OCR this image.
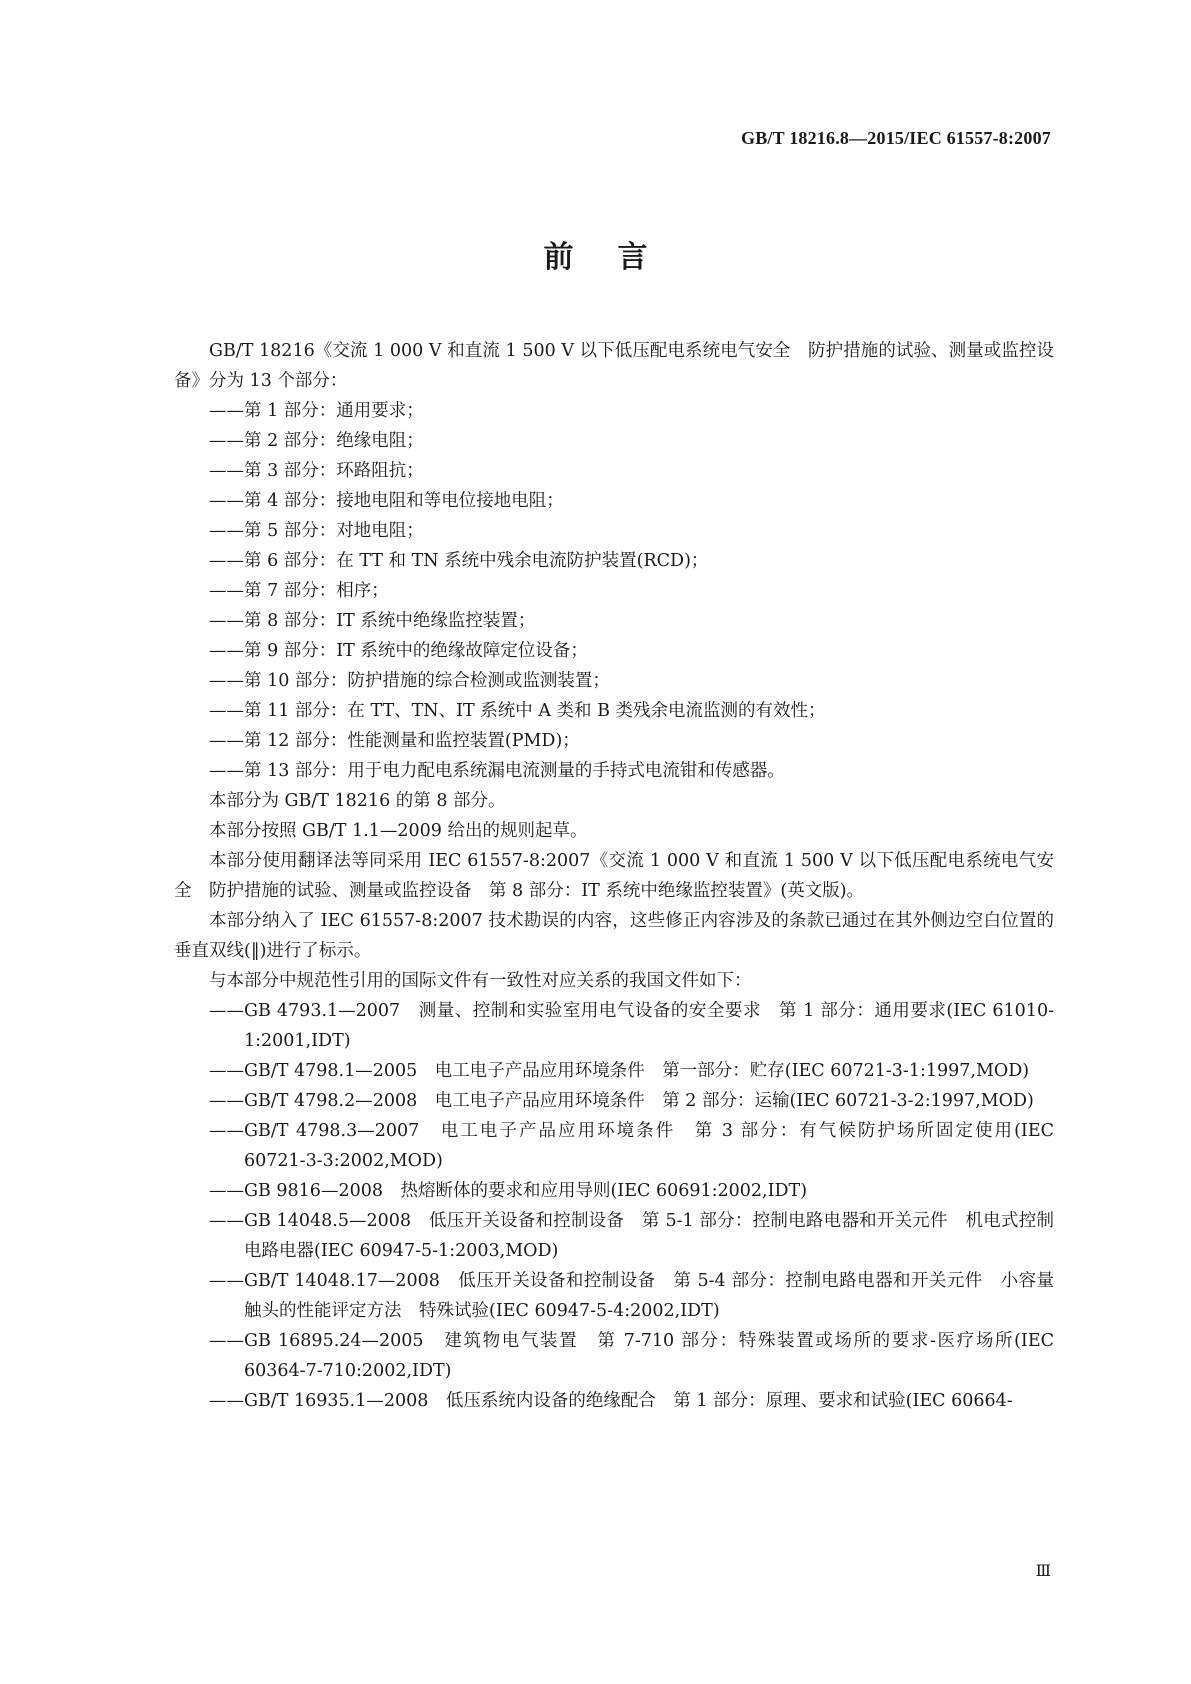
GB/T 18216.8—2015/IEC 61557-8:2007
前言

GB/T 18216《交流 1 000 V 和直流 1 500 V 以下低压配电系统电气安全　防护措施的试验、测量或监控设备》分为 13 个部分：

——第 1 部分：通用要求；

——第 2 部分：绝缘电阻；

——第 3 部分：环路阻抗；

——第 4 部分：接地电阻和等电位接地电阻；

——第 5 部分：对地电阻；

——第 6 部分：在 TT 和 TN 系统中残余电流防护装置(RCD)；

——第 7 部分：相序；

——第 8 部分：IT 系统中绝缘监控装置；

——第 9 部分：IT 系统中的绝缘故障定位设备；

——第 10 部分：防护措施的综合检测或监测装置；

——第 11 部分：在 TT、TN、IT 系统中 A 类和 B 类残余电流监测的有效性；

——第 12 部分：性能测量和监控装置(PMD)；

——第 13 部分：用于电力配电系统漏电流测量的手持式电流钳和传感器。

本部分为 GB/T 18216 的第 8 部分。

本部分按照 GB/T 1.1—2009 给出的规则起草。

本部分使用翻译法等同采用 IEC 61557-8:2007《交流 1 000 V 和直流 1 500 V 以下低压配电系统电气安全　防护措施的试验、测量或监控设备　第 8 部分：IT 系统中绝缘监控装置》(英文版)。

本部分纳入了 IEC 61557-8:2007 技术勘误的内容，这些修正内容涉及的条款已通过在其外侧边空白位置的垂直双线(‖)进行了标示。

与本部分中规范性引用的国际文件有一致性对应关系的我国文件如下：

——GB 4793.1—2007　测量、控制和实验室用电气设备的安全要求　第 1 部分：通用要求(IEC 61010-1:2001,IDT)

——GB/T 4798.1—2005　电工电子产品应用环境条件　第一部分：贮存(IEC 60721-3-1:1997,MOD)

——GB/T 4798.2—2008　电工电子产品应用环境条件　第 2 部分：运输(IEC 60721-3-2:1997,MOD)

——GB/T 4798.3—2007　电工电子产品应用环境条件　第 3 部分：有气候防护场所固定使用(IEC 60721-3-3:2002,MOD)

——GB 9816—2008　热熔断体的要求和应用导则(IEC 60691:2002,IDT)

——GB 14048.5—2008　低压开关设备和控制设备　第 5-1 部分：控制电路电器和开关元件　机电式控制电路电器(IEC 60947-5-1:2003,MOD)

——GB/T 14048.17—2008　低压开关设备和控制设备　第 5-4 部分：控制电路电器和开关元件　小容量触头的性能评定方法　特殊试验(IEC 60947-5-4:2002,IDT)

——GB 16895.24—2005　建筑物电气装置　第 7-710 部分：特殊装置或场所的要求-医疗场所(IEC 60364-7-710:2002,IDT)

——GB/T 16935.1—2008　低压系统内设备的绝缘配合　第 1 部分：原理、要求和试验(IEC 60664-

Ⅲ
